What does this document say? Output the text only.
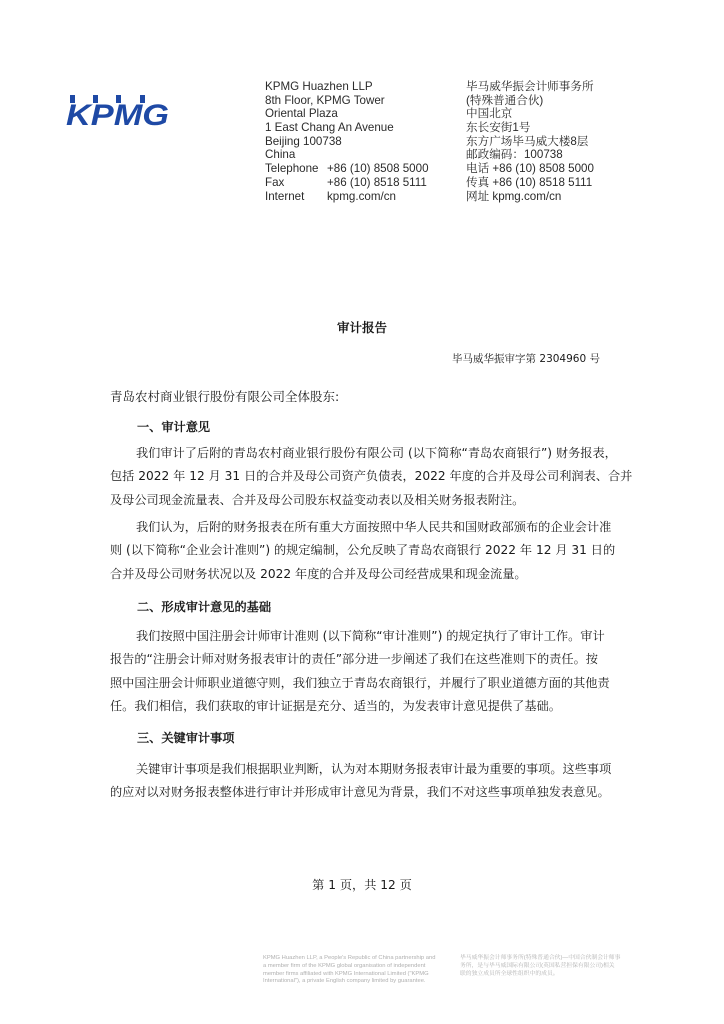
KPMG
KPMG Huazhen LLP
8th Floor, KPMG Tower
Oriental Plaza
1 East Chang An Avenue
Beijing 100738
China
Telephone +86 (10) 8508 5000
Fax	+86 (10) 8518 5111
Internet kpmg.com/cn
毕马威华振会计师事务所
(特殊普通合伙)
中国北京
东长安街1号
东方广场毕马威大楼8层
邮政编码：100738
电话 +86 (10) 8508 5000
传真 +86 (10) 8518 5111
网址 kpmg.com/cn
审计报告
毕马威华振审字第 2304960 号
青岛农村商业银行股份有限公司全体股东:
一、审计意见
我们审计了后附的青岛农村商业银行股份有限公司 (以下简称“青岛农商银行”) 财务报表，
包括 2022 年 12 月 31 日的合并及母公司资产负债表，2022 年度的合并及母公司利润表、合并
及母公司现金流量表、合并及母公司股东权益变动表以及相关财务报表附注。
我们认为，后附的财务报表在所有重大方面按照中华人民共和国财政部颁布的企业会计准
则 (以下简称“企业会计准则”) 的规定编制，公允反映了青岛农商银行 2022 年 12 月 31 日的
合并及母公司财务状况以及 2022 年度的合并及母公司经营成果和现金流量。
二、形成审计意见的基础
我们按照中国注册会计师审计准则 (以下简称“审计准则”) 的规定执行了审计工作。审计
报告的“注册会计师对财务报表审计的责任”部分进一步阐述了我们在这些准则下的责任。按
照中国注册会计师职业道德守则，我们独立于青岛农商银行，并履行了职业道德方面的其他责
任。我们相信，我们获取的审计证据是充分、适当的，为发表审计意见提供了基础。
三、关键审计事项
关键审计事项是我们根据职业判断，认为对本期财务报表审计最为重要的事项。这些事项
的应对以对财务报表整体进行审计并形成审计意见为背景，我们不对这些事项单独发表意见。
第 1 页，共 12 页
KPMG Huazhen LLP, a People's Republic of China partnership and
a member firm of the KPMG global organisation of independent
member firms affiliated with KPMG International Limited ("KPMG
International"), a private English company limited by guarantee.
毕马威华振会计师事务所(特殊普通合伙)—中国合伙制会计师事
务所，是与毕马威国际有限公司(英国私营担保有限公司)相关
联的独立成员所全球性组织中的成员。
